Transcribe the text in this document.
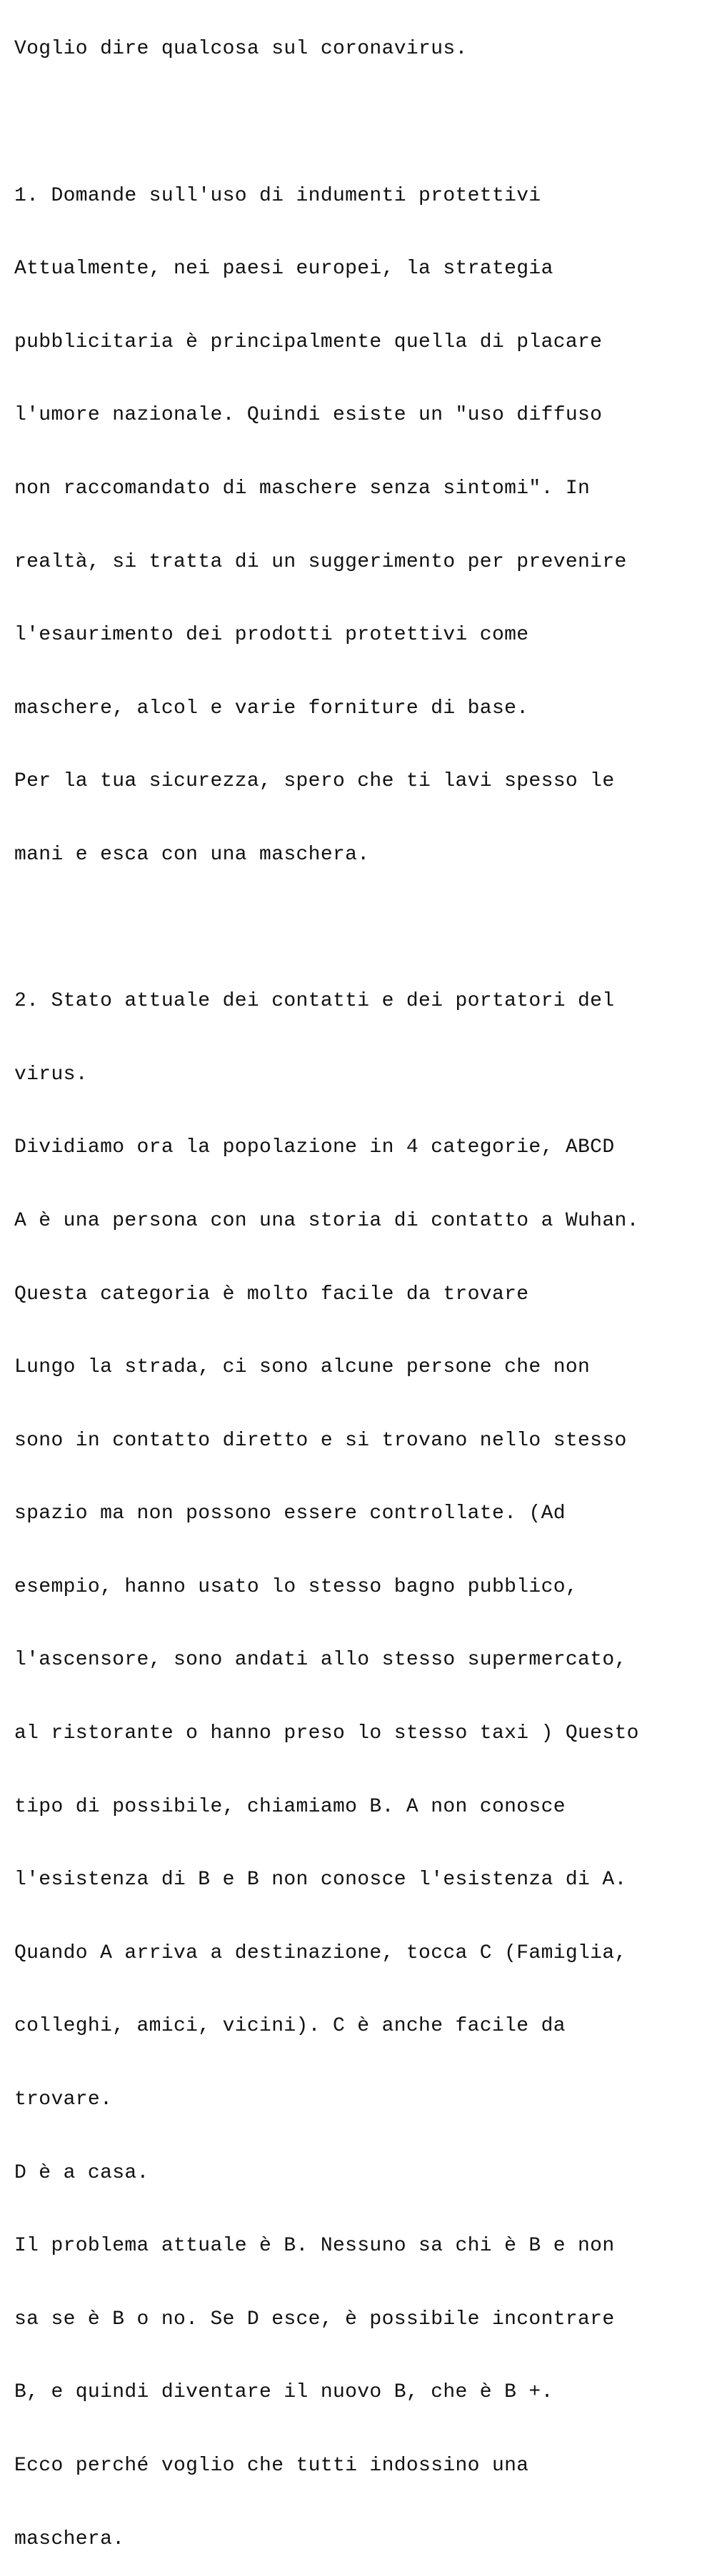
Voglio dire qualcosa sul coronavirus.

1. Domande sull'uso di indumenti protettivi

Attualmente, nei paesi europei, la strategia

pubblicitaria è principalmente quella di placare

l'umore nazionale. Quindi esiste un "uso diffuso

non raccomandato di maschere senza sintomi". In

realtà, si tratta di un suggerimento per prevenire

l'esaurimento dei prodotti protettivi come

maschere, alcol e varie forniture di base.

Per la tua sicurezza, spero che ti lavi spesso le

mani e esca con una maschera.

2. Stato attuale dei contatti e dei portatori del

virus.

Dividiamo ora la popolazione in 4 categorie, ABCD

A è una persona con una storia di contatto a Wuhan.

Questa categoria è molto facile da trovare

Lungo la strada, ci sono alcune persone che non

sono in contatto diretto e si trovano nello stesso

spazio ma non possono essere controllate. (Ad

esempio, hanno usato lo stesso bagno pubblico,

l'ascensore, sono andati allo stesso supermercato,

al ristorante o hanno preso lo stesso taxi ) Questo

tipo di possibile, chiamiamo B. A non conosce

l'esistenza di B e B non conosce l'esistenza di A.

Quando A arriva a destinazione, tocca C (Famiglia,

colleghi, amici, vicini). C è anche facile da

trovare.

D è a casa.

Il problema attuale è B. Nessuno sa chi è B e non

sa se è B o no. Se D esce, è possibile incontrare

B, e quindi diventare il nuovo B, che è B +.

Ecco perché voglio che tutti indossino una

maschera.
